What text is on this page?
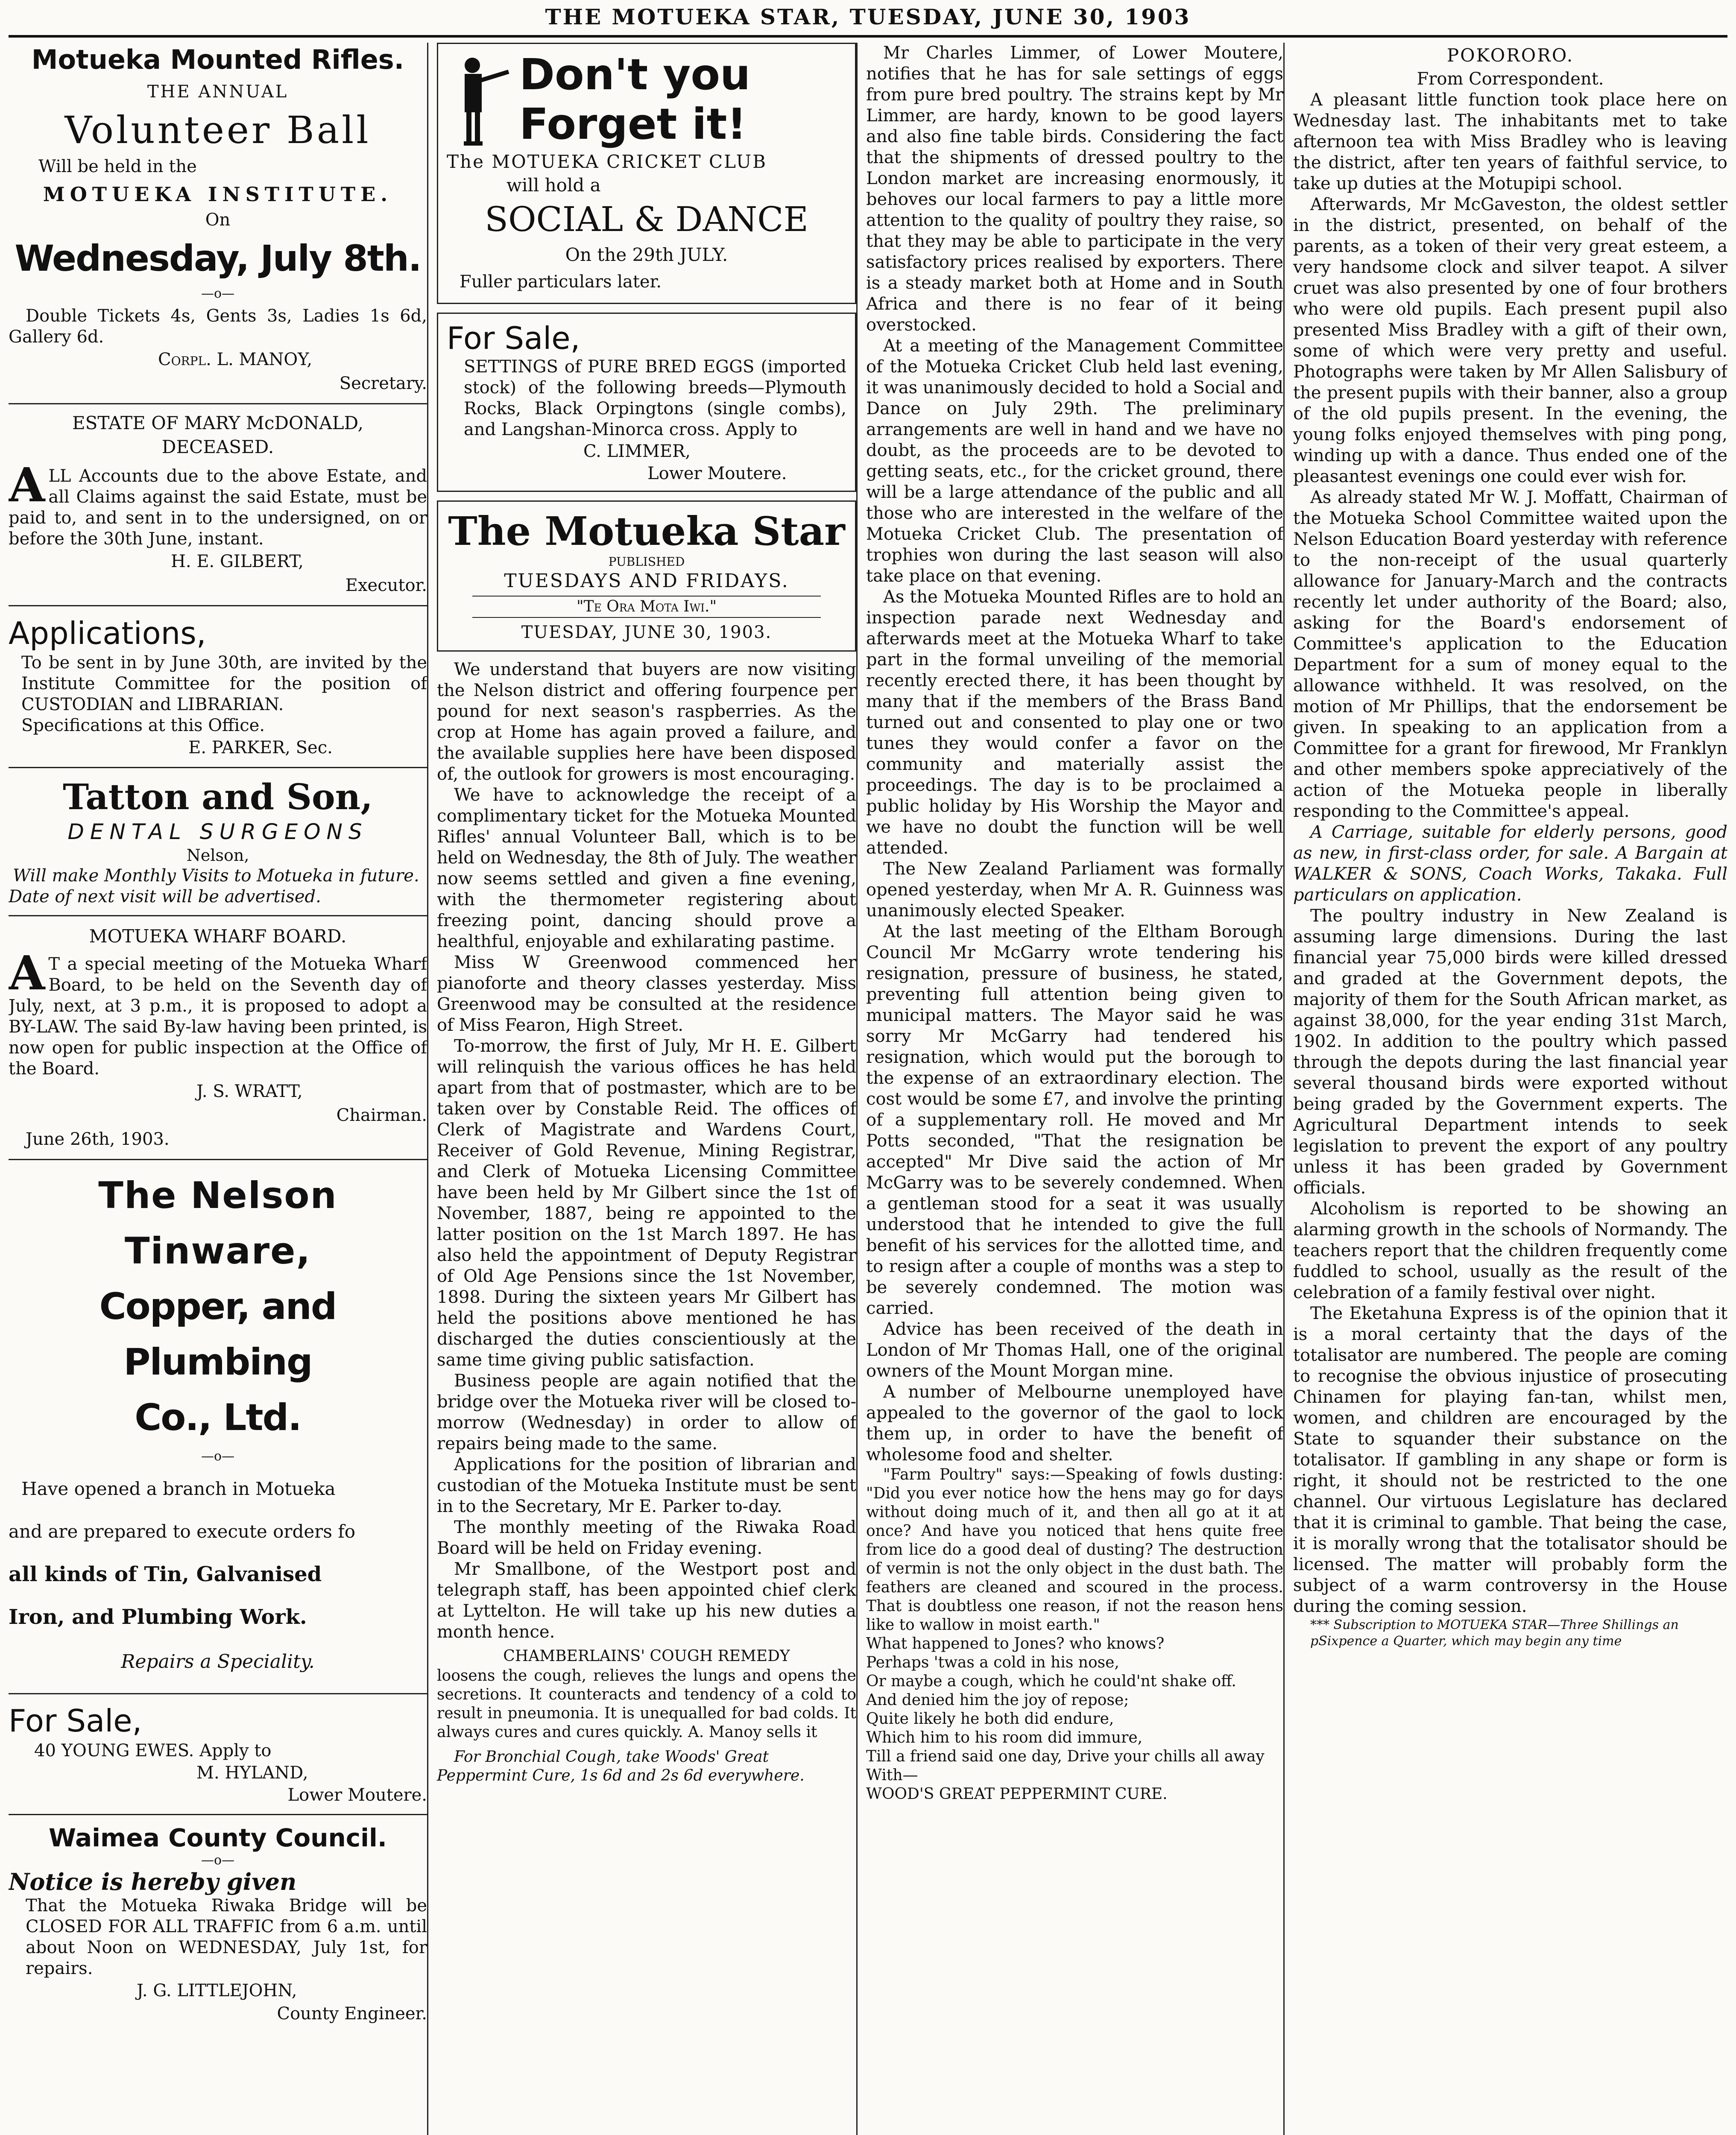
THE MOTUEKA STAR, TUESDAY, JUNE 30, 1903
Motueka Mounted Rifles.
THE ANNUAL
Volunteer Ball
Will be held in the
MOTUEKA INSTITUTE.
On
Wednesday, July 8th.
—o—
Double Tickets 4s, Gents 3s, Ladies 1s 6d, Gallery 6d.
Corpl. L. MANOY,
Secretary.
ESTATE OF MARY McDONALD,
DECEASED.
ALL Accounts due to the above Estate, and all Claims against the said Estate, must be paid to, and sent in to the undersigned, on or before the 30th June, instant.
H. E. GILBERT,
Executor.
Applications,
To be sent in by June 30th, are invited by the Institute Committee for the position of CUSTODIAN and LIBRARIAN.
Specifications at this Office.
E. PARKER, Sec.
Tatton and Son,
DENTAL SURGEONS
Nelson,
Will make Monthly Visits to Motueka in future.
Date of next visit will be advertised.
MOTUEKA WHARF BOARD.
A T a special meeting of the Motueka Wharf Board, to be held on the Seventh day of July, next, at 3 p.m., it is proposed to adopt a BY-LAW. The said By-law having been printed, is now open for public inspection at the Office of the Board.
J. S. WRATT,
Chairman.
June 26th, 1903.
The Nelson Tinware,
Copper, and Plumbing
Co., Ltd.
—o—
Have opened a branch in Motueka
and are prepared to execute orders fo
all kinds of Tin, Galvanised
Iron, and Plumbing Work.
Repairs a Speciality.
For Sale,
40 YOUNG EWES. Apply to
M. HYLAND,
Lower Moutere.
Waimea County Council.
—o—
Notice is hereby given
That the Motueka Riwaka Bridge will be CLOSED FOR ALL TRAFFIC from 6 a.m. until about Noon on WEDNESDAY, July 1st, for repairs.
J. G. LITTLEJOHN,
County Engineer.
Don't you
Forget it!
The MOTUEKA CRICKET CLUB
will hold a
SOCIAL & DANCE
On the 29th JULY.
Fuller particulars later.
For Sale,
SETTINGS of PURE BRED EGGS (imported stock) of the following breeds—Plymouth Rocks, Black Orpingtons (single combs), and Langshan-Minorca cross. Apply to
C. LIMMER,
Lower Moutere.
The Motueka Star
PUBLISHED
TUESDAYS AND FRIDAYS.
"Te Ora Mota Iwi."
TUESDAY, JUNE 30, 1903.
We understand that buyers are now visiting the Nelson district and offering fourpence per pound for next season's raspberries. As the crop at Home has again proved a failure, and the available supplies here have been disposed of, the outlook for growers is most encouraging.
We have to acknowledge the receipt of a complimentary ticket for the Motueka Mounted Rifles' annual Volunteer Ball, which is to be held on Wednesday, the 8th of July. The weather now seems settled and given a fine evening, with the thermometer registering about freezing point, dancing should prove a healthful, enjoyable and exhilarating pastime.
Miss W Greenwood commenced her pianoforte and theory classes yesterday. Miss Greenwood may be consulted at the residence of Miss Fearon, High Street.
To-morrow, the first of July, Mr H. E. Gilbert will relinquish the various offices he has held apart from that of postmaster, which are to be taken over by Constable Reid. The offices of Clerk of Magistrate and Wardens Court, Receiver of Gold Revenue, Mining Registrar, and Clerk of Motueka Licensing Committee have been held by Mr Gilbert since the 1st of November, 1887, being re appointed to the latter position on the 1st March 1897. He has also held the appointment of Deputy Registrar of Old Age Pensions since the 1st November, 1898. During the sixteen years Mr Gilbert has held the positions above mentioned he has discharged the duties conscientiously at the same time giving public satisfaction.
Business people are again notified that the bridge over the Motueka river will be closed to-morrow (Wednesday) in order to allow of repairs being made to the same.
Applications for the position of librarian and custodian of the Motueka Institute must be sent in to the Secretary, Mr E. Parker to-day.
The monthly meeting of the Riwaka Road Board will be held on Friday evening.
Mr Smallbone, of the Westport post and telegraph staff, has been appointed chief clerk at Lyttelton. He will take up his new duties a month hence.
CHAMBERLAINS' COUGH REMEDY
loosens the cough, relieves the lungs and opens the secretions. It counteracts and tendency of a cold to result in pneumonia. It is unequalled for bad colds. It always cures and cures quickly. A. Manoy sells it
For Bronchial Cough, take Woods' Great Peppermint Cure, 1s 6d and 2s 6d everywhere.
Mr Charles Limmer, of Lower Moutere, notifies that he has for sale settings of eggs from pure bred poultry. The strains kept by Mr Limmer, are hardy, known to be good layers and also fine table birds. Considering the fact that the shipments of dressed poultry to the London market are increasing enormously, it behoves our local farmers to pay a little more attention to the quality of poultry they raise, so that they may be able to participate in the very satisfactory prices realised by exporters. There is a steady market both at Home and in South Africa and there is no fear of it being overstocked.
At a meeting of the Management Committee of the Motueka Cricket Club held last evening, it was unanimously decided to hold a Social and Dance on July 29th. The preliminary arrangements are well in hand and we have no doubt, as the proceeds are to be devoted to getting seats, etc., for the cricket ground, there will be a large attendance of the public and all those who are interested in the welfare of the Motueka Cricket Club. The presentation of trophies won during the last season will also take place on that evening.
As the Motueka Mounted Rifles are to hold an inspection parade next Wednesday and afterwards meet at the Motueka Wharf to take part in the formal unveiling of the memorial recently erected there, it has been thought by many that if the members of the Brass Band turned out and consented to play one or two tunes they would confer a favor on the community and materially assist the proceedings. The day is to be proclaimed a public holiday by His Worship the Mayor and we have no doubt the function will be well attended.
The New Zealand Parliament was formally opened yesterday, when Mr A. R. Guinness was unanimously elected Speaker.
At the last meeting of the Eltham Borough Council Mr McGarry wrote tendering his resignation, pressure of business, he stated, preventing full attention being given to municipal matters. The Mayor said he was sorry Mr McGarry had tendered his resignation, which would put the borough to the expense of an extraordinary election. The cost would be some £7, and involve the printing of a supplementary roll. He moved and Mr Potts seconded, "That the resignation be accepted" Mr Dive said the action of Mr McGarry was to be severely condemned. When a gentleman stood for a seat it was usually understood that he intended to give the full benefit of his services for the allotted time, and to resign after a couple of months was a step to be severely condemned. The motion was carried.
Advice has been received of the death in London of Mr Thomas Hall, one of the original owners of the Mount Morgan mine.
A number of Melbourne unemployed have appealed to the governor of the gaol to lock them up, in order to have the benefit of wholesome food and shelter.
"Farm Poultry" says:—Speaking of fowls dusting: "Did you ever notice how the hens may go for days without doing much of it, and then all go at it at once? And have you noticed that hens quite free from lice do a good deal of dusting? The destruction of vermin is not the only object in the dust bath. The feathers are cleaned and scoured in the process. That is doubtless one reason, if not the reason hens like to wallow in moist earth."
What happened to Jones? who knows?
Perhaps 'twas a cold in his nose,
Or maybe a cough, which he could'nt shake off.
And denied him the joy of repose;
Quite likely he both did endure,
Which him to his room did immure,
Till a friend said one day, Drive your chills all away
With—
WOOD'S GREAT PEPPERMINT CURE.
POKORORO.
From Correspondent.
A pleasant little function took place here on Wednesday last. The inhabitants met to take afternoon tea with Miss Bradley who is leaving the district, after ten years of faithful service, to take up duties at the Motupipi school.
Afterwards, Mr McGaveston, the oldest settler in the district, presented, on behalf of the parents, as a token of their very great esteem, a very handsome clock and silver teapot. A silver cruet was also presented by one of four brothers who were old pupils. Each present pupil also presented Miss Bradley with a gift of their own, some of which were very pretty and useful. Photographs were taken by Mr Allen Salisbury of the present pupils with their banner, also a group of the old pupils present. In the evening, the young folks enjoyed themselves with ping pong, winding up with a dance. Thus ended one of the pleasantest evenings one could ever wish for.
As already stated Mr W. J. Moffatt, Chairman of the Motueka School Committee waited upon the Nelson Education Board yesterday with reference to the non-receipt of the usual quarterly allowance for January-March and the contracts recently let under authority of the Board; also, asking for the Board's endorsement of Committee's application to the Education Department for a sum of money equal to the allowance withheld. It was resolved, on the motion of Mr Phillips, that the endorsement be given. In speaking to an application from a Committee for a grant for firewood, Mr Franklyn and other members spoke appreciatively of the action of the Motueka people in liberally responding to the Committee's appeal.
A Carriage, suitable for elderly persons, good as new, in first-class order, for sale. A Bargain at WALKER & SONS, Coach Works, Takaka. Full particulars on application.
The poultry industry in New Zealand is assuming large dimensions. During the last financial year 75,000 birds were killed dressed and graded at the Government depots, the majority of them for the South African market, as against 38,000, for the year ending 31st March, 1902. In addition to the poultry which passed through the depots during the last financial year several thousand birds were exported without being graded by the Government experts. The Agricultural Department intends to seek legislation to prevent the export of any poultry unless it has been graded by Government officials.
Alcoholism is reported to be showing an alarming growth in the schools of Normandy. The teachers report that the children frequently come fuddled to school, usually as the result of the celebration of a family festival over night.
The Eketahuna Express is of the opinion that it is a moral certainty that the days of the totalisator are numbered. The people are coming to recognise the obvious injustice of prosecuting Chinamen for playing fan-tan, whilst men, women, and children are encouraged by the State to squander their substance on the totalisator. If gambling in any shape or form is right, it should not be restricted to the one channel. Our virtuous Legislature has declared that it is criminal to gamble. That being the case, it is morally wrong that the totalisator should be licensed. The matter will probably form the subject of a warm controversy in the House during the coming session.
*** Subscription to MOTUEKA STAR—Three Shillings an pSixpence a Quarter, which may begin any time
